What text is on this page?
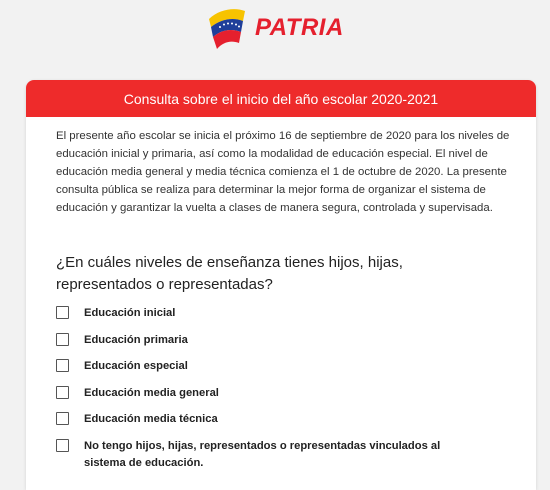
PATRIA
Consulta sobre el inicio del año escolar 2020-2021

El presente año escolar se inicia el próximo 16 de septiembre de 2020 para los niveles de educación inicial y primaria, así como la modalidad de educación especial. El nivel de educación media general y media técnica comienza el 1 de octubre de 2020. La presente consulta pública se realiza para determinar la mejor forma de organizar el sistema de educación y garantizar la vuelta a clases de manera segura, controlada y supervisada.

¿En cuáles niveles de enseñanza tienes hijos, hijas, representados o representadas?

Educación inicial
Educación primaria
Educación especial
Educación media general
Educación media técnica
No tengo hijos, hijas, representados o representadas vinculados al sistema de educación.
